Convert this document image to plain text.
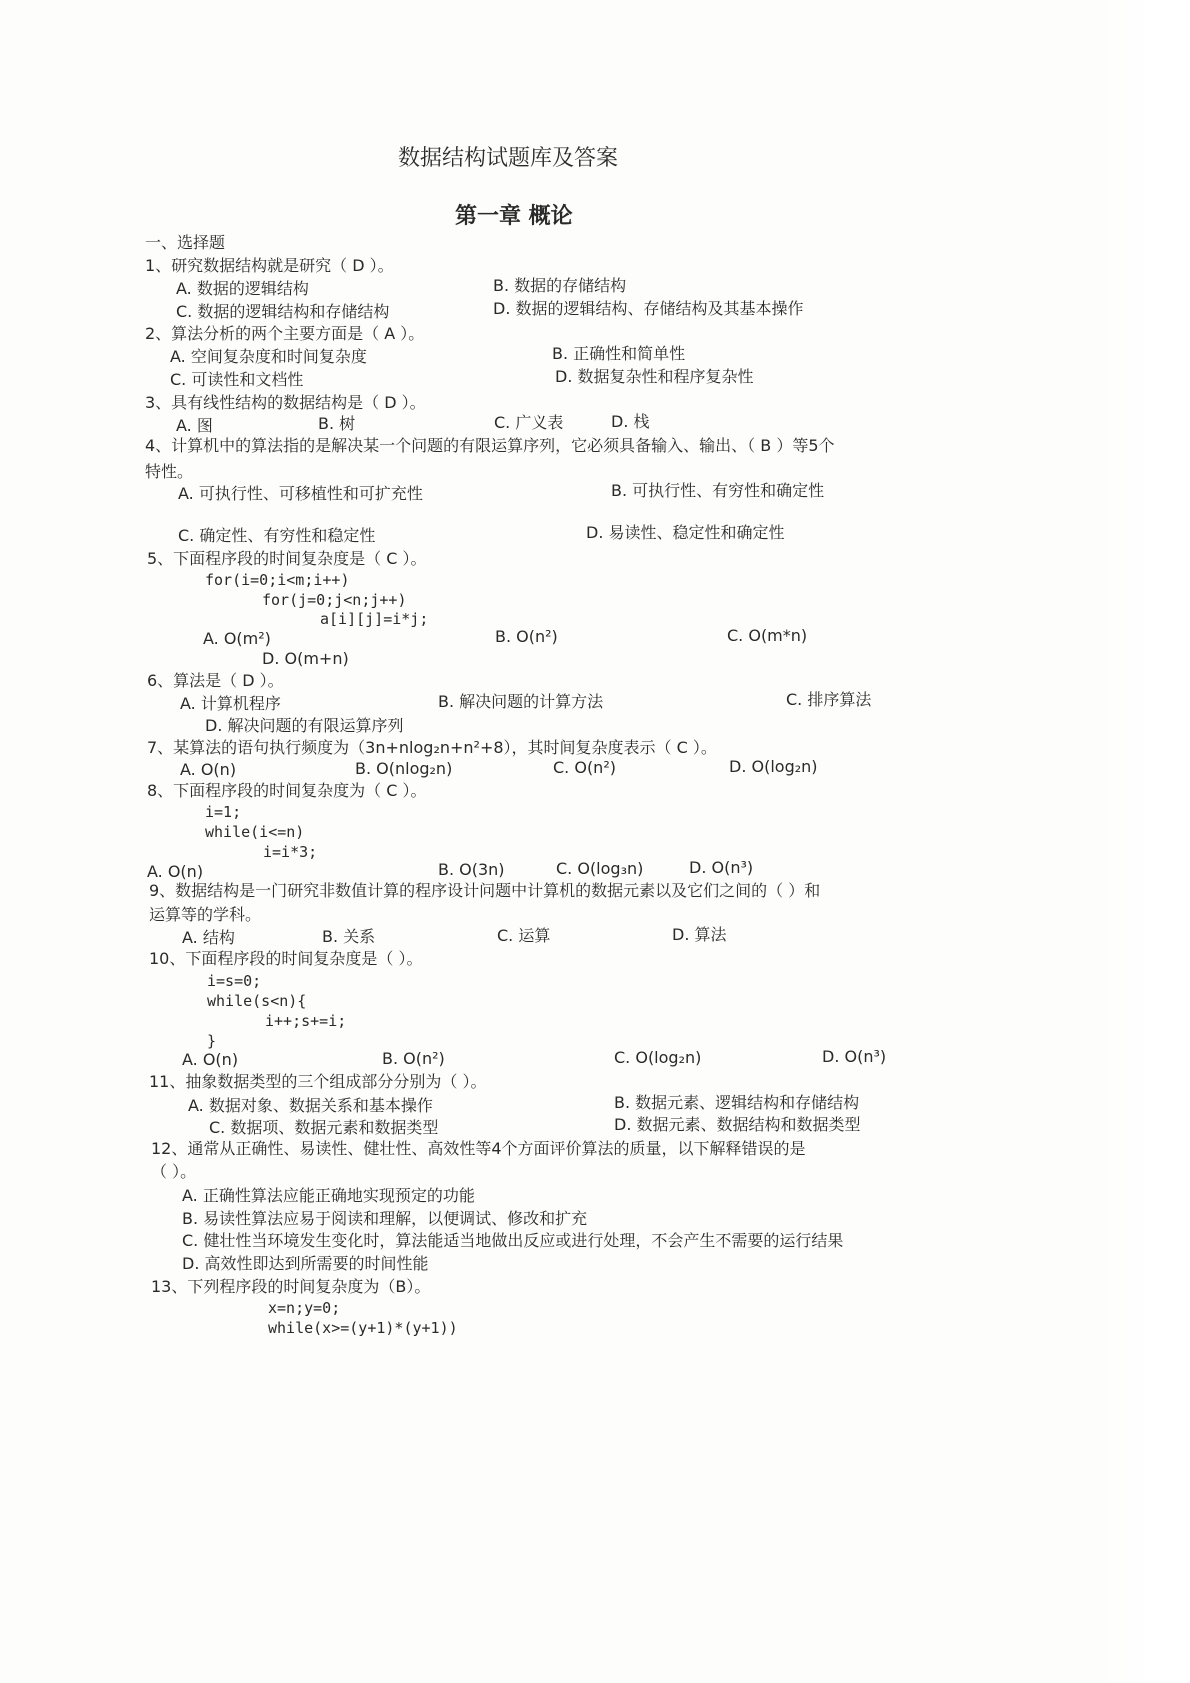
数据结构试题库及答案
第一章 概论
一、选择题
1、研究数据结构就是研究（ D ）。
A. 数据的逻辑结构	B. 数据的存储结构
C. 数据的逻辑结构和存储结构	D. 数据的逻辑结构、存储结构及其基本操作
2、算法分析的两个主要方面是（ A ）。
A. 空间复杂度和时间复杂度	B. 正确性和简单性
C. 可读性和文档性	D. 数据复杂性和程序复杂性
3、具有线性结构的数据结构是（ D ）。
A. 图	B. 树	C. 广义表	D. 栈
4、计算机中的算法指的是解决某一个问题的有限运算序列，它必须具备输入、输出、（ B ）等5个
特性。
A. 可执行性、可移植性和可扩充性	B. 可执行性、有穷性和确定性
C. 确定性、有穷性和稳定性	D. 易读性、稳定性和确定性
5、下面程序段的时间复杂度是（ C ）。
for(i=0;i<m;i++)
for(j=0;j<n;j++)
a[i][j]=i*j;
A. O(m²)	B. O(n²)	C. O(m*n)
D. O(m+n)
6、算法是（ D ）。
A. 计算机程序	B. 解决问题的计算方法	C. 排序算法
D. 解决问题的有限运算序列
7、某算法的语句执行频度为（3n+nlog₂n+n²+8），其时间复杂度表示（ C ）。
A. O(n)	B. O(nlog₂n)	C. O(n²)	D. O(log₂n)
8、下面程序段的时间复杂度为（ C ）。
i=1;
while(i<=n)
i=i*3;
A. O(n)	B. O(3n)	C. O(log₃n)	D. O(n³)
9、数据结构是一门研究非数值计算的程序设计问题中计算机的数据元素以及它们之间的（ ）和
运算等的学科。
A. 结构	B. 关系	C. 运算	D. 算法
10、下面程序段的时间复杂度是（ ）。
i=s=0;
while(s<n){
i++;s+=i;
}
A. O(n)	B. O(n²)	C. O(log₂n)	D. O(n³)
11、抽象数据类型的三个组成部分分别为（ ）。
A. 数据对象、数据关系和基本操作	B. 数据元素、逻辑结构和存储结构
C. 数据项、数据元素和数据类型	D. 数据元素、数据结构和数据类型
12、通常从正确性、易读性、健壮性、高效性等4个方面评价算法的质量，以下解释错误的是
（ ）。
A. 正确性算法应能正确地实现预定的功能
B. 易读性算法应易于阅读和理解，以便调试、修改和扩充
C. 健壮性当环境发生变化时，算法能适当地做出反应或进行处理，不会产生不需要的运行结果
D. 高效性即达到所需要的时间性能
13、下列程序段的时间复杂度为（B）。
x=n;y=0;
while(x>=(y+1)*(y+1))
